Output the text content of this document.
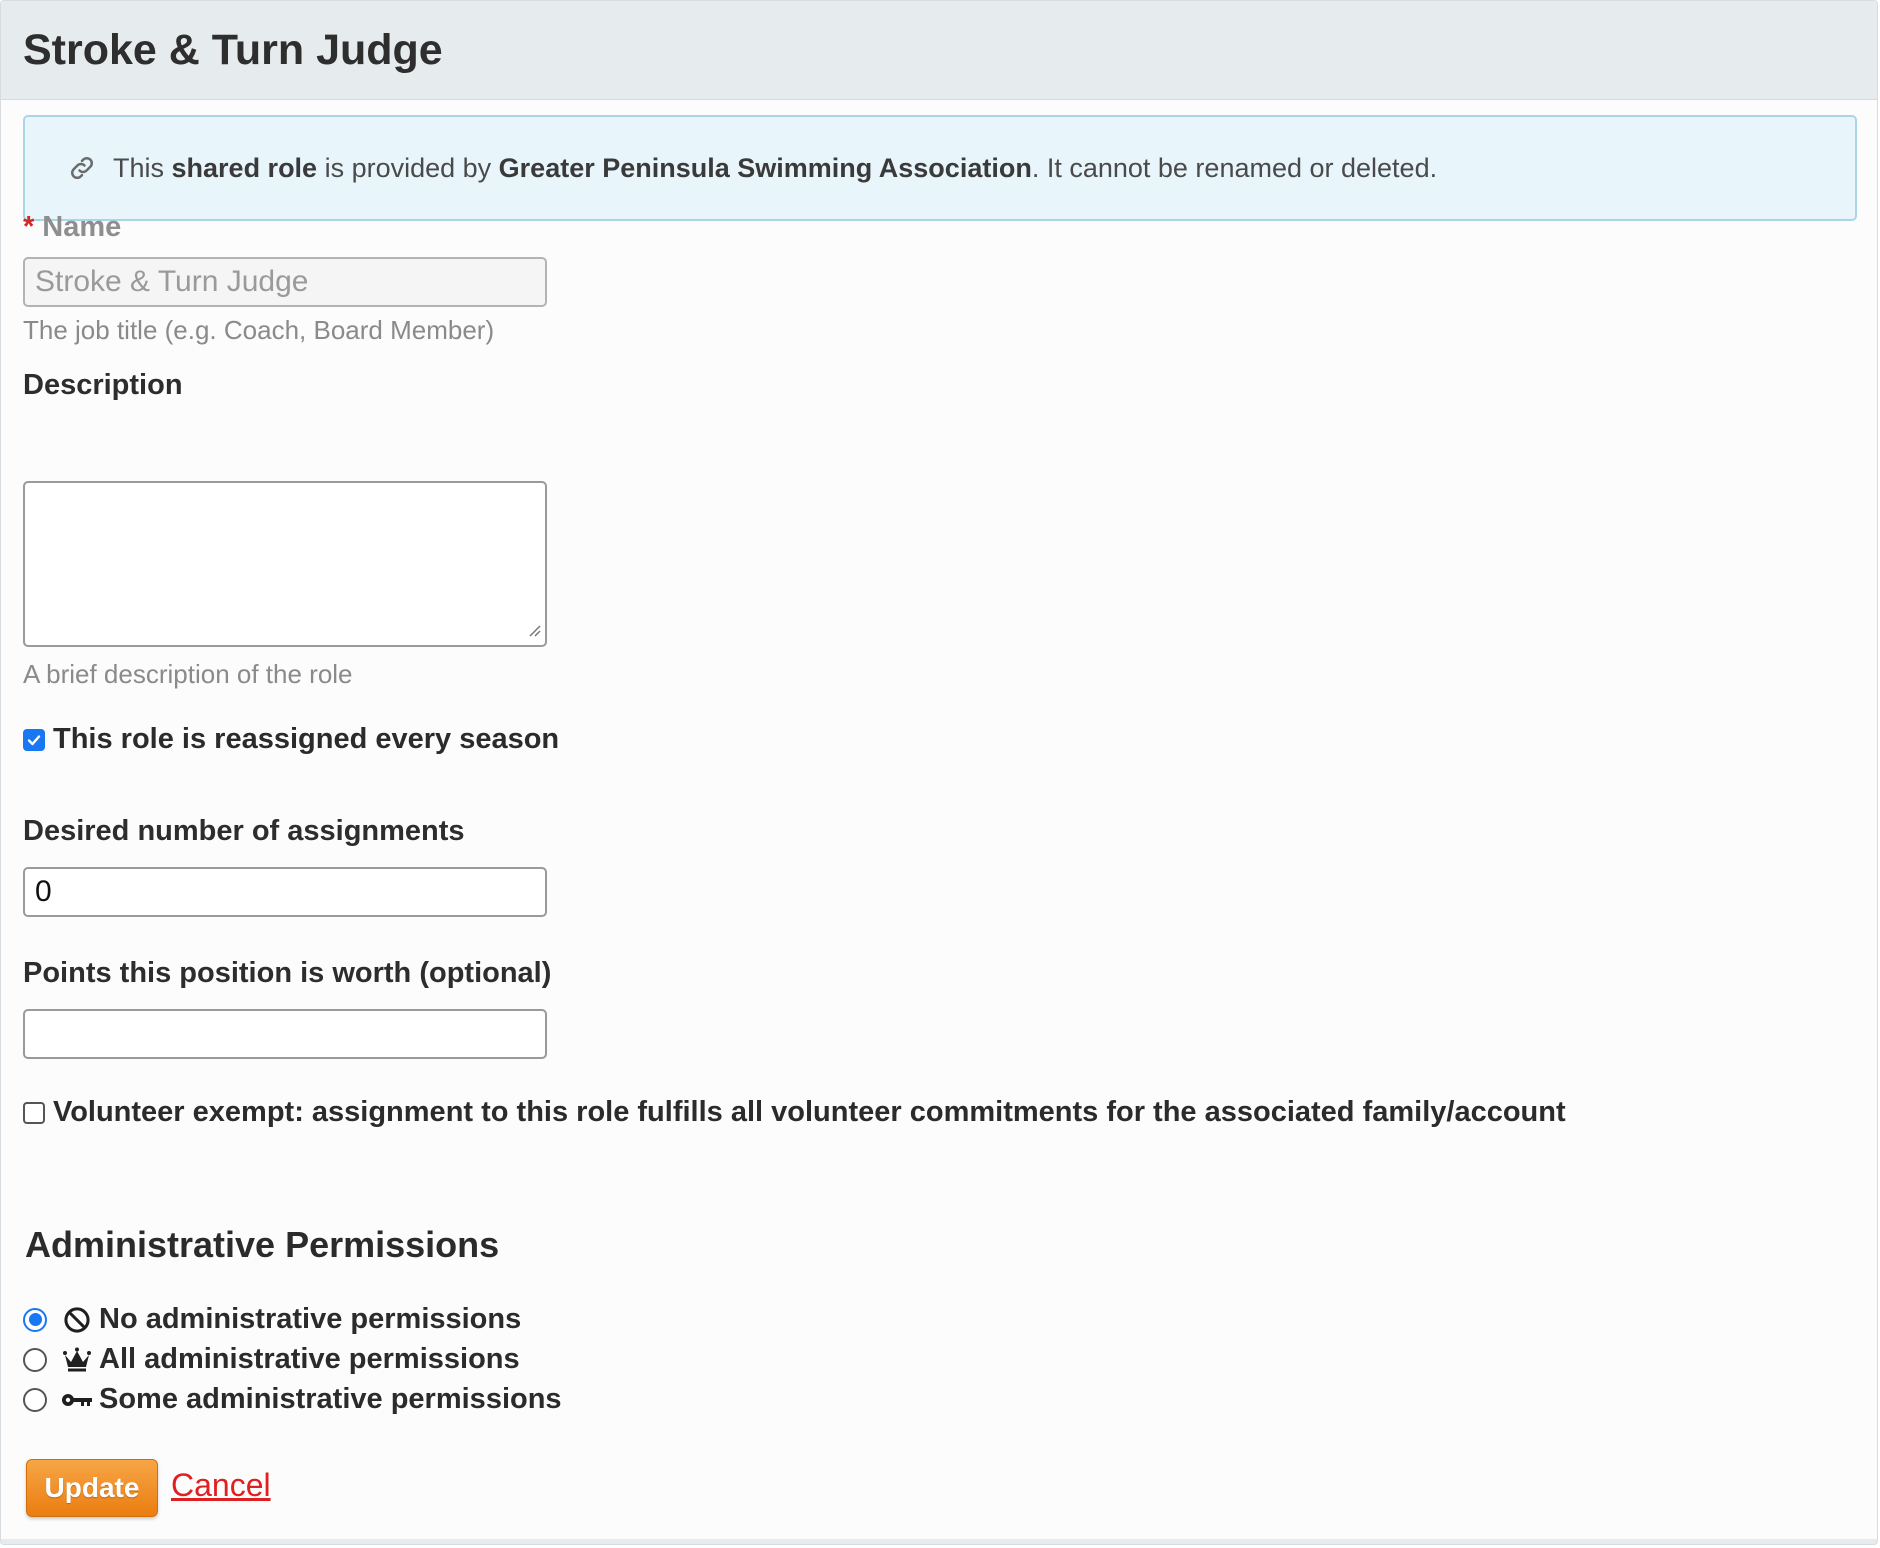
Stroke & Turn Judge
This shared role is provided by Greater Peninsula Swimming Association. It cannot be renamed or deleted.
* Name
Stroke & Turn Judge
The job title (e.g. Coach, Board Member)
Description
A brief description of the role
This role is reassigned every season
Desired number of assignments
0
Points this position is worth (optional)
Volunteer exempt: assignment to this role fulfills all volunteer commitments for the associated family/account
Administrative Permissions
No administrative permissions
All administrative permissions
Some administrative permissions
Update Cancel
